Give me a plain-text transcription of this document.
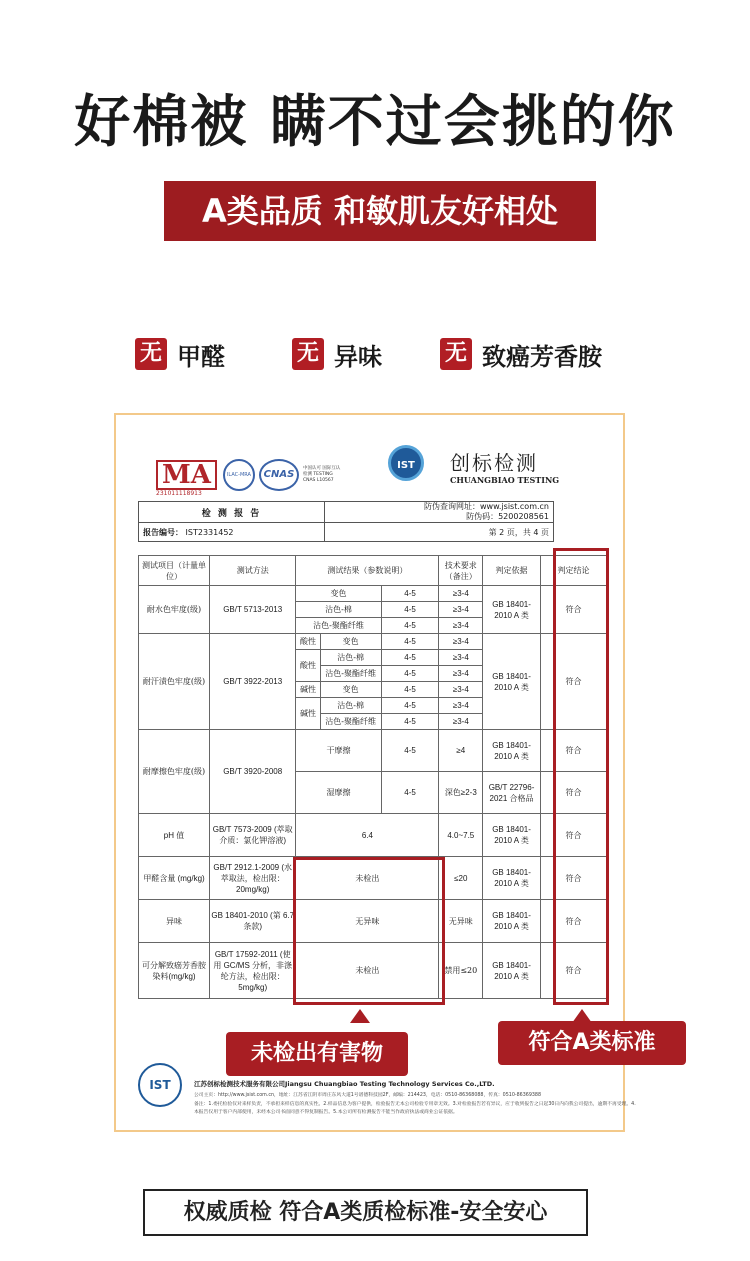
好棉被 瞒不过会挑的你
A类品质 和敏肌友好相处
无 甲醛	无 异味	无 致癌芳香胺
MA
231011118913
ILAC-MRA	CNAS
中国认可 国际互认 检测 TESTING CNAS L10567
IST	创标检测
CHUANGBIAO TESTING
检 测 报 告	防伪查询网址：www.jsist.com.cn
防伪码：5200208561

报告编号： IST2331452	第 2 页，共 4 页
测试项目（计量单位）	测试方法	测试结果（参数说明）			技术要求（备注）	判定依据	判定结论
耐水色牢度(级)	GB/T 5713-2013	变色		4-5	≥3-4	GB 18401-2010 A 类	符合
		沾色-棉		4-5	≥3-4		
		沾色-聚酯纤维		4-5	≥3-4		
耐汗渍色牢度(级)	GB/T 3922-2013	酸性	变色	4-5	≥3-4	GB 18401-2010 A 类	符合
		酸性	沾色-棉	4-5	≥3-4		
			沾色-聚酯纤维	4-5	≥3-4		
		碱性	变色	4-5	≥3-4		
		碱性	沾色-棉	4-5	≥3-4		
			沾色-聚酯纤维	4-5	≥3-4		
耐摩擦色牢度(级)	GB/T 3920-2008	干摩擦		4-5	≥4	GB 18401-2010 A 类	符合
		湿摩擦		4-5	深色≥2-3	GB/T 22796-2021 合格品	符合
pH 值	GB/T 7573-2009 (萃取介质：氯化钾溶液)	6.4			4.0~7.5	GB 18401-2010 A 类	符合
甲醛含量 (mg/kg)	GB/T 2912.1-2009 (水萃取法，检出限：20mg/kg)	未检出			≤20	GB 18401-2010 A 类	符合
异味	GB 18401-2010 (第 6.7 条款)	无异味			无异味	GB 18401-2010 A 类	符合
可分解致癌芳香胺染料(mg/kg)	GB/T 17592-2011 (使用 GC/MS 分析，非涤纶方法，检出限：5mg/kg)	未检出			禁用≤20	GB 18401-2010 A 类	符合
未检出有害物	符合A类标准
IST	江苏创标检测技术服务有限公司Jiangsu Chuangbiao Testing Technology Services Co.,LTD.
公司主页：http://www.jsist.com.cn，地址：江苏省江阴市周庄东风大道1号谱德科技园2F，邮编：214423，电话：0510-86368088，传真：0510-86369388
备注：1.委托检验仅对来样负责，不承担来样信息的真实性。2.样品信息为客户提供，检验报告无本公司检验专用章无效。3.对检验报告若有异议，应于收到报告之日起30日内向我公司提出，逾期不再受理。4.
本报告仅用于客户内部使用，未经本公司书面同意不得复制报告。5.本公司所有检测报告不能当作政府执法或商业公证依据。
权威质检 符合A类质检标准-安全安心
